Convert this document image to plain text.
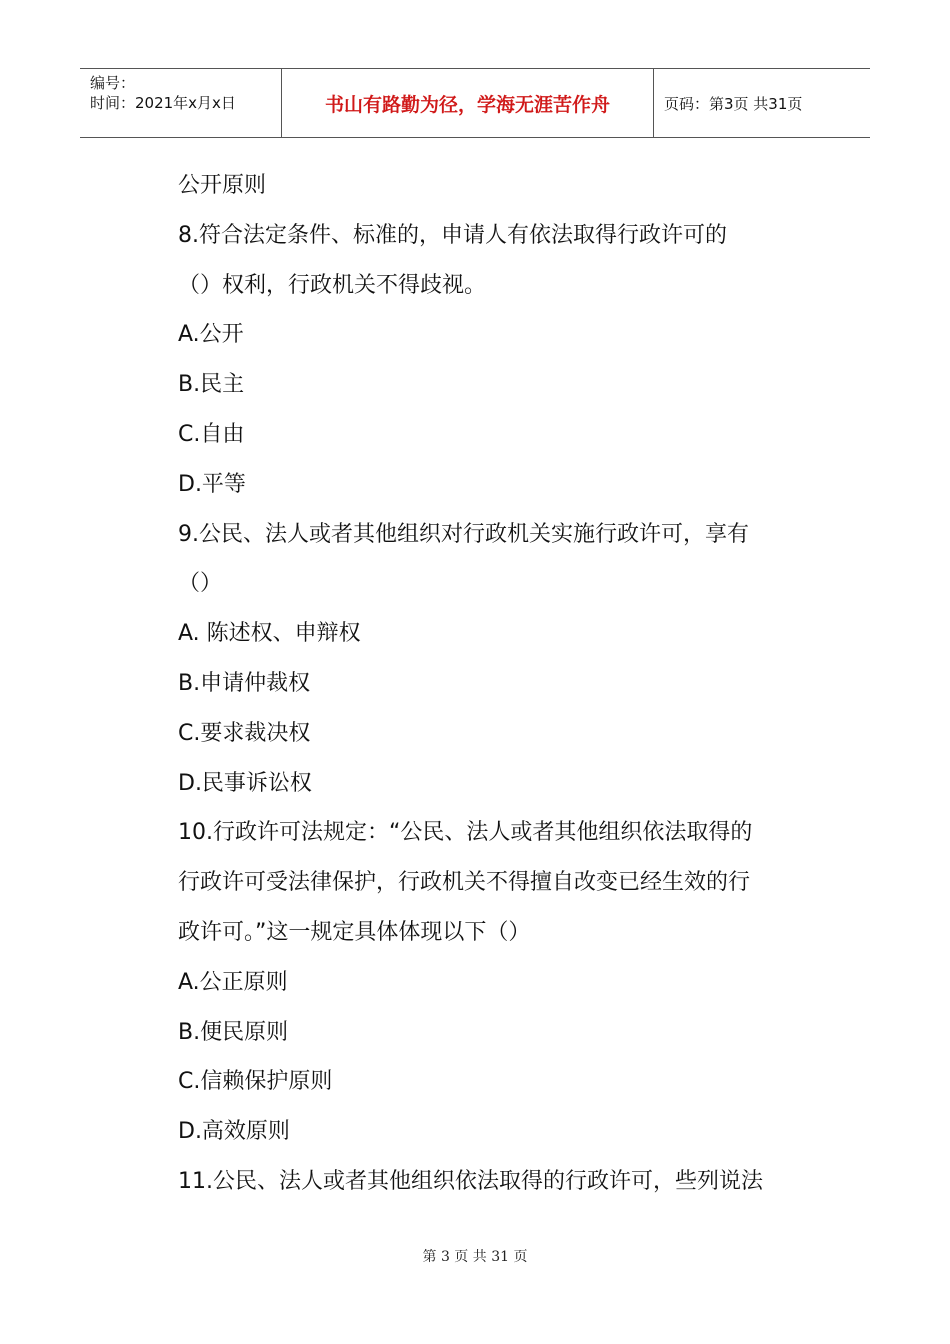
编号：
时间：2021年x月x日	书山有路勤为径，学海无涯苦作舟	页码：第3页 共31页
公开原则
8.符合法定条件、标准的，申请人有依法取得行政许可的
（）权利，行政机关不得歧视。
A.公开
B.民主
C.自由
D.平等
9.公民、法人或者其他组织对行政机关实施行政许可，享有
（）
A. 陈述权、申辩权
B.申请仲裁权
C.要求裁决权
D.民事诉讼权
10.行政许可法规定：“公民、法人或者其他组织依法取得的
行政许可受法律保护，行政机关不得擅自改变已经生效的行
政许可。”这一规定具体体现以下（）
A.公正原则
B.便民原则
C.信赖保护原则
D.高效原则
11.公民、法人或者其他组织依法取得的行政许可，些列说法
第 3 页 共 31 页
